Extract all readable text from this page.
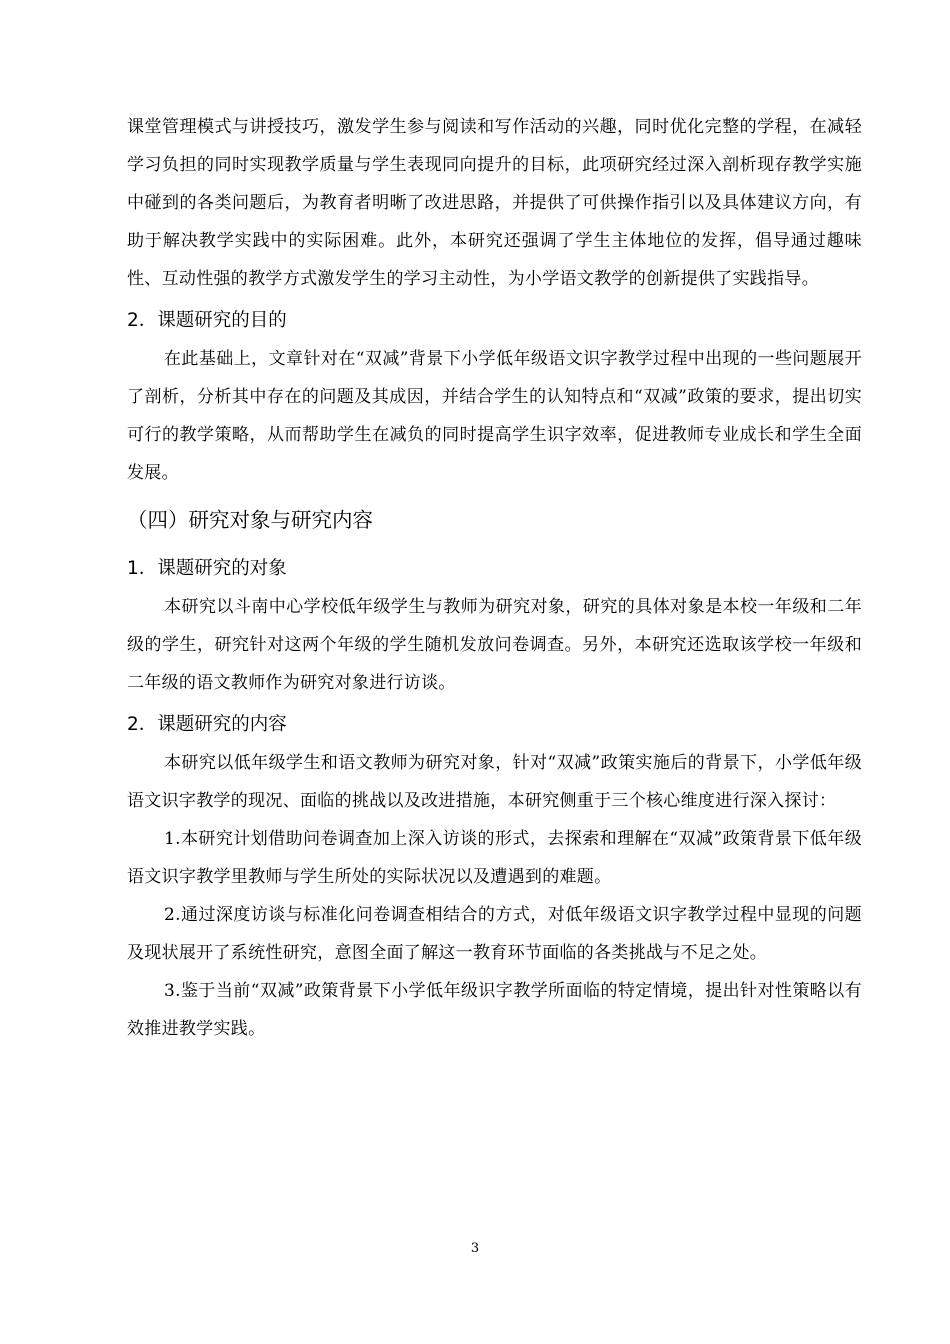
课堂管理模式与讲授技巧，激发学生参与阅读和写作活动的兴趣，同时优化完整的学程，在减轻学习负担的同时实现教学质量与学生表现同向提升的目标，此项研究经过深入剖析现存教学实施中碰到的各类问题后，为教育者明晰了改进思路，并提供了可供操作指引以及具体建议方向，有助于解决教学实践中的实际困难。此外，本研究还强调了学生主体地位的发挥，倡导通过趣味性、互动性强的教学方式激发学生的学习主动性，为小学语文教学的创新提供了实践指导。

2．课题研究的目的

在此基础上，文章针对在“双减”背景下小学低年级语文识字教学过程中出现的一些问题展开了剖析，分析其中存在的问题及其成因，并结合学生的认知特点和“双减”政策的要求，提出切实可行的教学策略，从而帮助学生在减负的同时提高学生识字效率，促进教师专业成长和学生全面发展。

（四）研究对象与研究内容
1．课题研究的对象

本研究以斗南中心学校低年级学生与教师为研究对象，研究的具体对象是本校一年级和二年级的学生，研究针对这两个年级的学生随机发放问卷调查。另外，本研究还选取该学校一年级和二年级的语文教师作为研究对象进行访谈。

2．课题研究的内容

本研究以低年级学生和语文教师为研究对象，针对“双减”政策实施后的背景下，小学低年级语文识字教学的现况、面临的挑战以及改进措施，本研究侧重于三个核心维度进行深入探讨：

1.本研究计划借助问卷调查加上深入访谈的形式，去探索和理解在“双减”政策背景下低年级语文识字教学里教师与学生所处的实际状况以及遭遇到的难题。

2.通过深度访谈与标准化问卷调查相结合的方式，对低年级语文识字教学过程中显现的问题及现状展开了系统性研究，意图全面了解这一教育环节面临的各类挑战与不足之处。

3.鉴于当前“双减”政策背景下小学低年级识字教学所面临的特定情境，提出针对性策略以有效推进教学实践。

3
